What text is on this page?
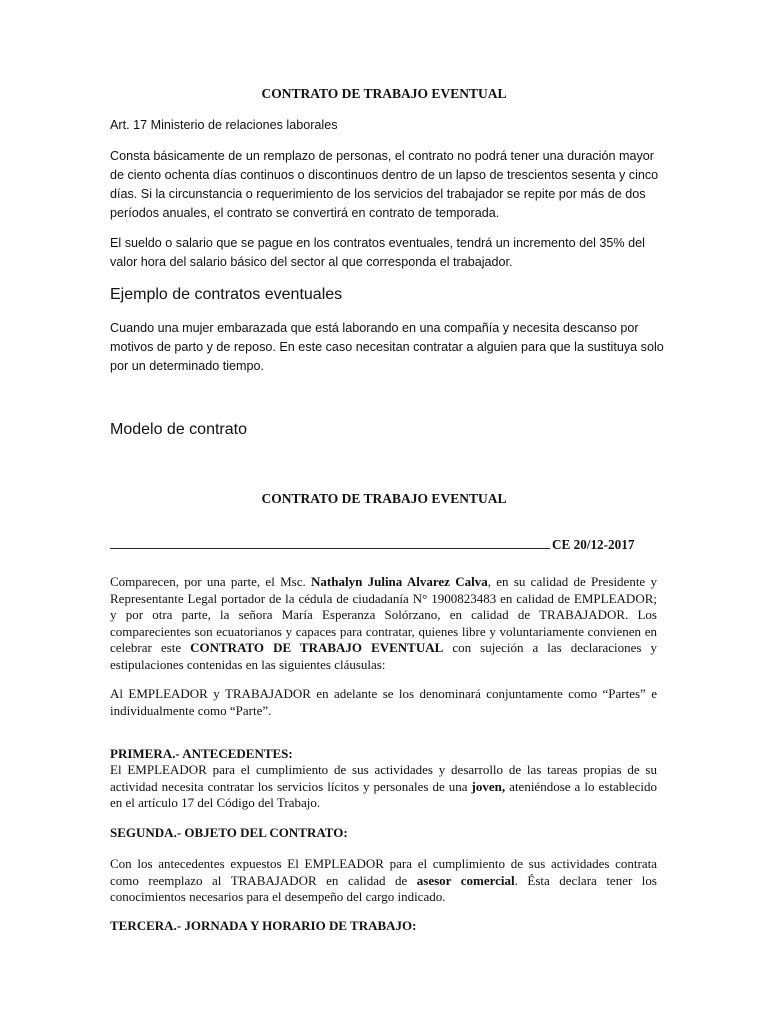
CONTRATO DE TRABAJO EVENTUAL
Art. 17 Ministerio de relaciones laborales
Consta básicamente de un remplazo de personas, el contrato no podrá tener una duración mayor de ciento ochenta días continuos o discontinuos dentro de un lapso de trescientos sesenta y cinco días. Si la circunstancia o requerimiento de los servicios del trabajador se repite por más de dos períodos anuales, el contrato se convertirá en contrato de temporada.
El sueldo o salario que se pague en los contratos eventuales, tendrá un incremento del 35% del valor hora del salario básico del sector al que corresponda el trabajador.
Ejemplo de contratos eventuales
Cuando una mujer embarazada que está laborando en una compañía y necesita descanso por motivos de parto y de reposo. En este caso necesitan contratar a alguien para que la sustituya solo por un determinado tiempo.
Modelo de contrato
CONTRATO DE TRABAJO EVENTUAL
CE 20/12-2017
Comparecen, por una parte, el Msc. Nathalyn Julina Alvarez Calva, en su calidad de Presidente y Representante Legal portador de la cédula de ciudadanía N° 1900823483 en calidad de EMPLEADOR; y por otra parte, la señora María Esperanza Solórzano, en calidad de TRABAJADOR. Los comparecientes son ecuatorianos y capaces para contratar, quienes libre y voluntariamente convienen en celebrar este CONTRATO DE TRABAJO EVENTUAL con sujeción a las declaraciones y estipulaciones contenidas en las siguientes cláusulas:
Al EMPLEADOR y TRABAJADOR en adelante se los denominará conjuntamente como “Partes” e individualmente como “Parte”.
PRIMERA.- ANTECEDENTES:
El EMPLEADOR para el cumplimiento de sus actividades y desarrollo de las tareas propias de su actividad necesita contratar los servicios lícitos y personales de una joven, ateniéndose a lo establecido en el artículo 17 del Código del Trabajo.
SEGUNDA.- OBJETO DEL CONTRATO:
Con los antecedentes expuestos El EMPLEADOR para el cumplimiento de sus actividades contrata como reemplazo al TRABAJADOR en calidad de asesor comercial. Ésta declara tener los conocimientos necesarios para el desempeño del cargo indicado.
TERCERA.- JORNADA Y HORARIO DE TRABAJO:
